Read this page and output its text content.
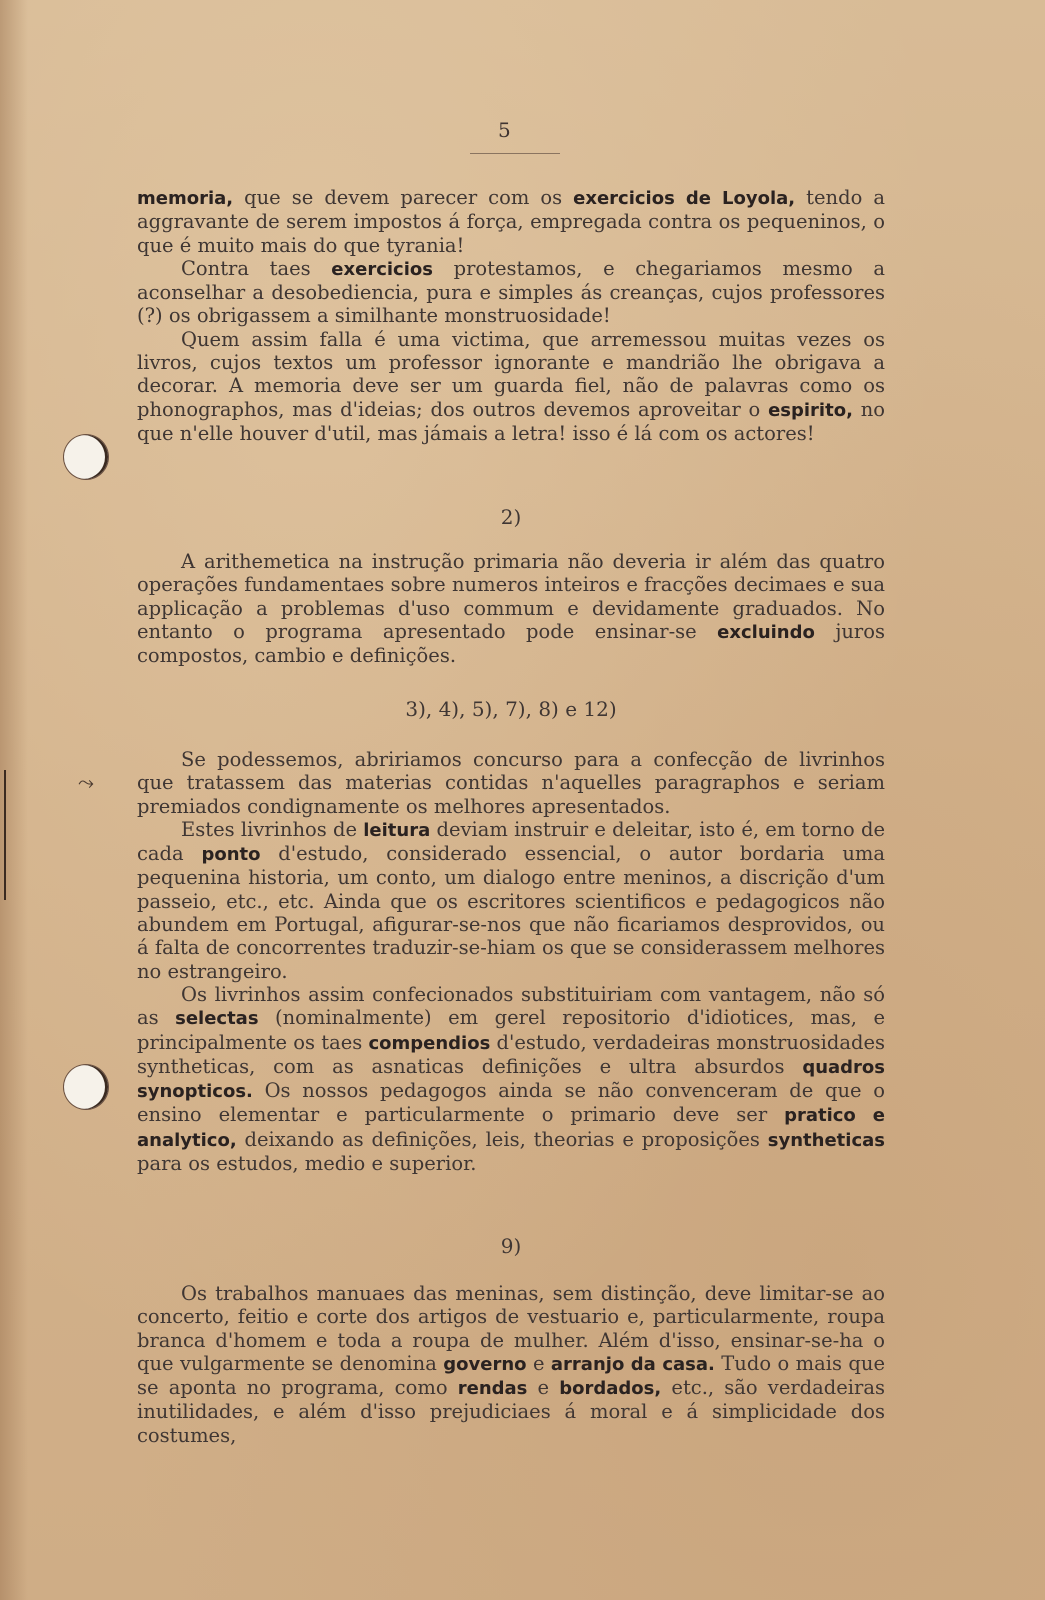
⤳
5

memoria, que se devem parecer com os exercicios de Loyola, tendo a aggravante de serem impostos á força, empregada contra os pequeninos, o que é muito mais do que tyrania!

Contra taes exercicios protestamos, e chegariamos mesmo a aconselhar a desobediencia, pura e simples ás creanças, cujos professores (?) os obrigassem a similhante monstruosidade!

Quem assim falla é uma victima, que arremessou muitas vezes os livros, cujos textos um professor ignorante e mandrião lhe obrigava a decorar. A memoria deve ser um guarda fiel, não de palavras como os phonographos, mas d'ideias; dos outros devemos aproveitar o espirito, no que n'elle houver d'util, mas jámais a letra! isso é lá com os actores!

2)

A arithemetica na instrução primaria não deveria ir além das quatro operações fundamentaes sobre numeros inteiros e fracções decimaes e sua applicação a problemas d'uso commum e devidamente graduados. No entanto o programa apresentado pode ensinar-se excluindo juros compostos, cambio e definições.

3), 4), 5), 7), 8) e 12)

Se podessemos, abririamos concurso para a confecção de livrinhos que tratassem das materias contidas n'aquelles paragraphos e seriam premiados condignamente os melhores apresentados.

Estes livrinhos de leitura deviam instruir e deleitar, isto é, em torno de cada ponto d'estudo, considerado essencial, o autor bordaria uma pequenina historia, um conto, um dialogo entre meninos, a discrição d'um passeio, etc., etc. Ainda que os escritores scientificos e pedagogicos não abundem em Portugal, afigurar-se-nos que não ficariamos desprovidos, ou á falta de concorrentes traduzir-se-hiam os que se considerassem melhores no estrangeiro.

Os livrinhos assim confecionados substituiriam com vantagem, não só as selectas (nominalmente) em gerel repositorio d'idiotices, mas, e principalmente os taes compendios d'estudo, verdadeiras monstruosidades syntheticas, com as asnaticas definições e ultra absurdos quadros synopticos. Os nossos pedagogos ainda se não convenceram de que o ensino elementar e particularmente o primario deve ser pratico e analytico, deixando as definições, leis, theorias e proposições syntheticas para os estudos, medio e superior.

9)

Os trabalhos manuaes das meninas, sem distinção, deve limitar-se ao concerto, feitio e corte dos artigos de vestuario e, particularmente, roupa branca d'homem e toda a roupa de mulher. Além d'isso, ensinar-se-ha o que vulgarmente se denomina governo e arranjo da casa. Tudo o mais que se aponta no programa, como rendas e bordados, etc., são verdadeiras inutilidades, e além d'isso prejudiciaes á moral e á simplicidade dos costumes,
